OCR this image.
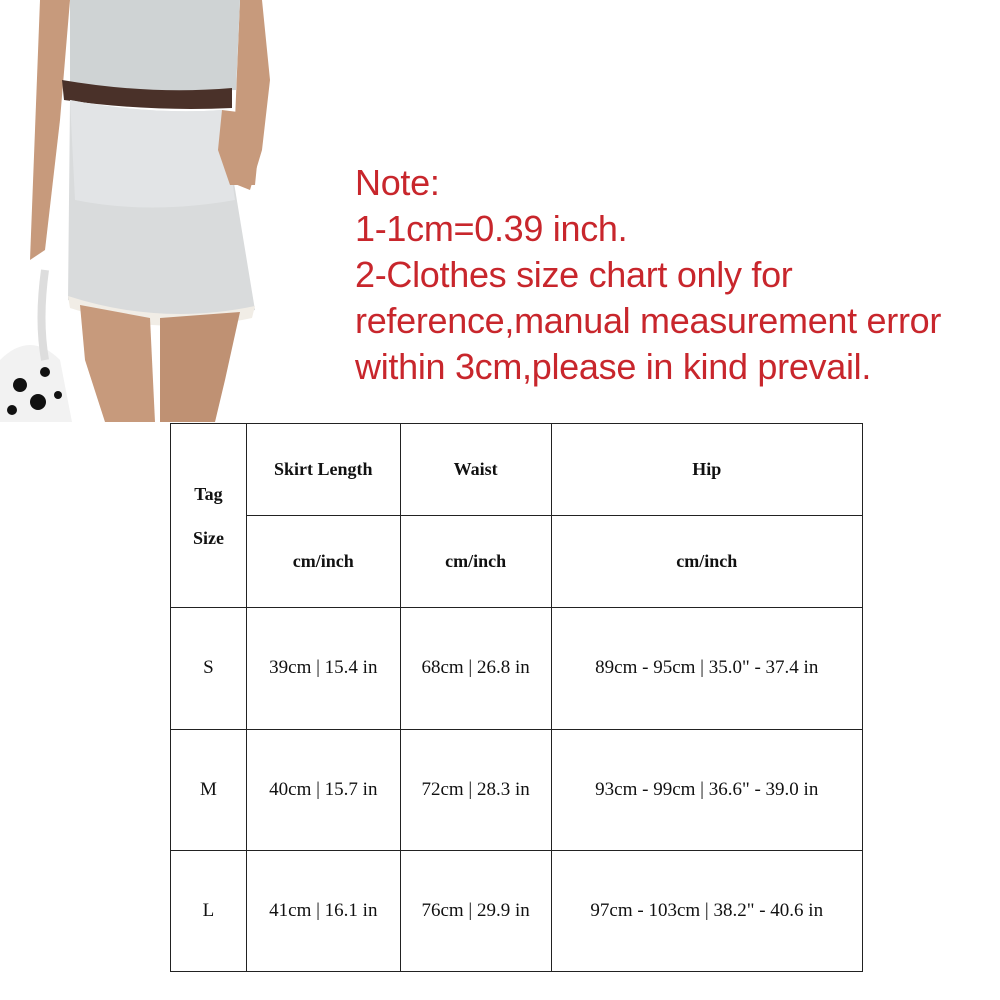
Note:
1-1cm=0.39 inch.
2-Clothes size chart only for
reference,manual measurement error
within 3cm,please in kind prevail.
Tag
Size	Skirt Length	Waist	Hip
	cm/inch	cm/inch	cm/inch
S	39cm | 15.4 in	68cm | 26.8 in	89cm - 95cm | 35.0" - 37.4 in
M	40cm | 15.7 in	72cm | 28.3 in	93cm - 99cm | 36.6" - 39.0 in
L	41cm | 16.1 in	76cm | 29.9 in	97cm - 103cm | 38.2" - 40.6 in
